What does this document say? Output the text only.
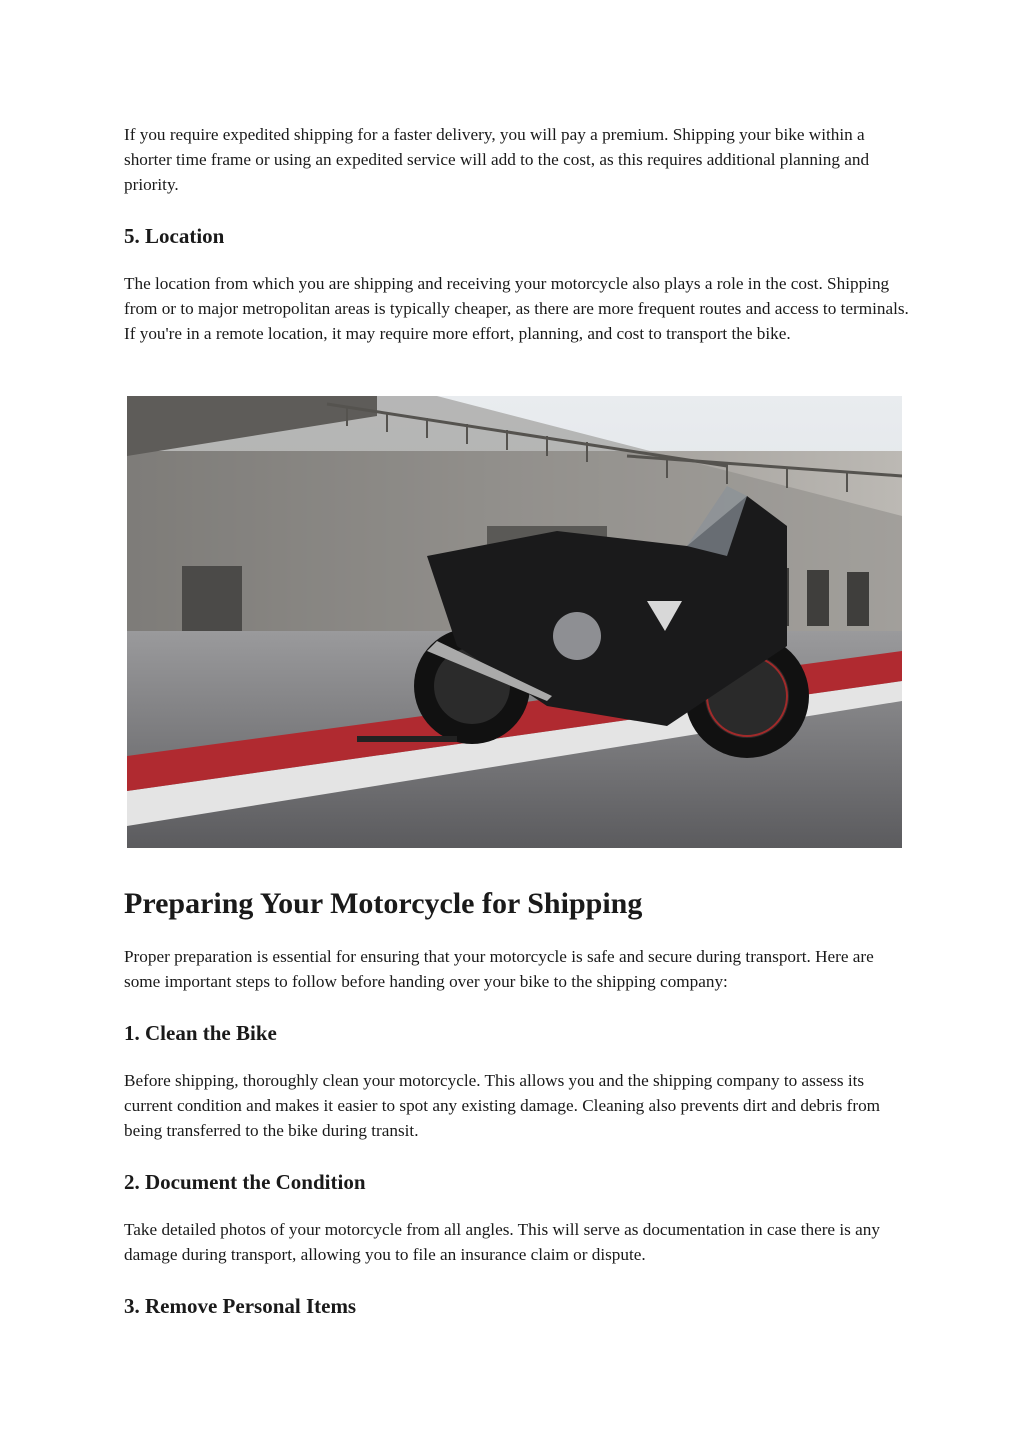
If you require expedited shipping for a faster delivery, you will pay a premium. Shipping your bike within a shorter time frame or using an expedited service will add to the cost, as this requires additional planning and priority.

5. Location

The location from which you are shipping and receiving your motorcycle also plays a role in the cost. Shipping from or to major metropolitan areas is typically cheaper, as there are more frequent routes and access to terminals. If you're in a remote location, it may require more effort, planning, and cost to transport the bike.

Preparing Your Motorcycle for Shipping

Proper preparation is essential for ensuring that your motorcycle is safe and secure during transport. Here are some important steps to follow before handing over your bike to the shipping company:

1. Clean the Bike

Before shipping, thoroughly clean your motorcycle. This allows you and the shipping company to assess its current condition and makes it easier to spot any existing damage. Cleaning also prevents dirt and debris from being transferred to the bike during transit.

2. Document the Condition

Take detailed photos of your motorcycle from all angles. This will serve as documentation in case there is any damage during transport, allowing you to file an insurance claim or dispute.

3. Remove Personal Items
